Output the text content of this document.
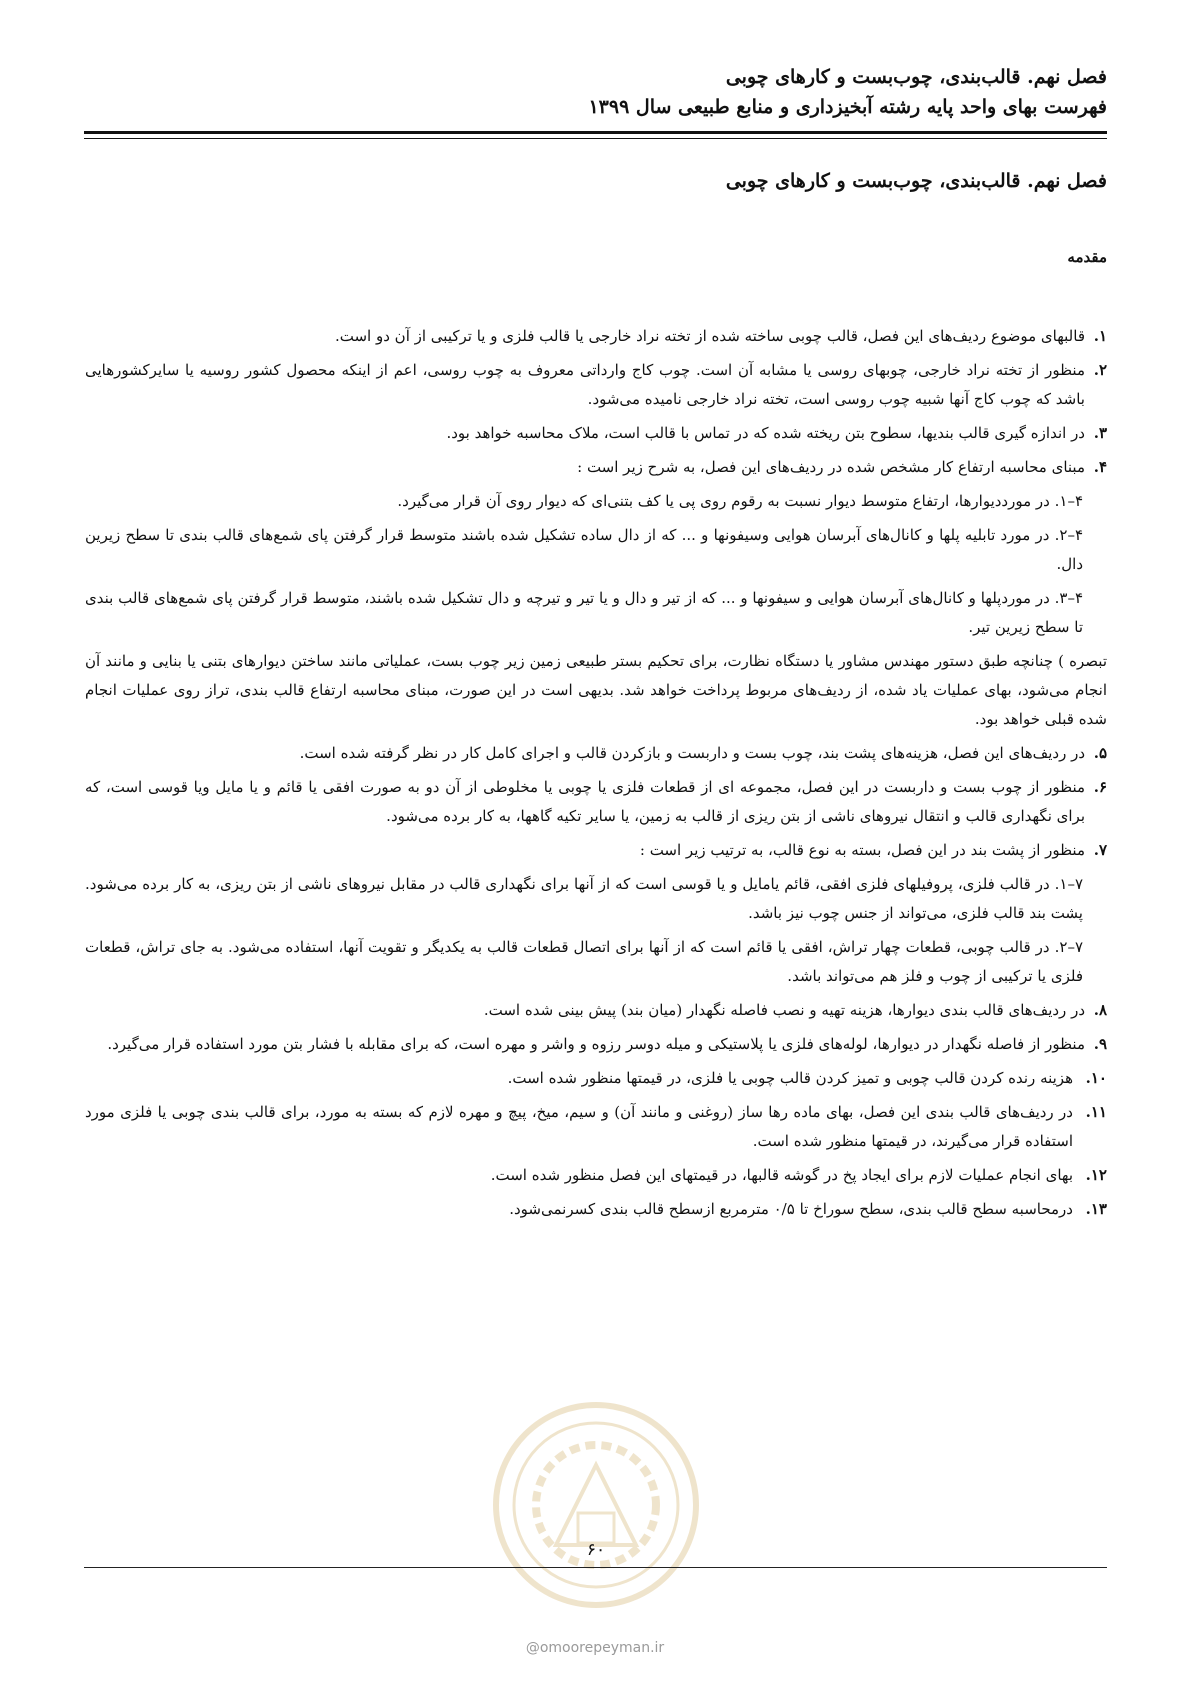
فصل نهم. قالب‌بندی، چوب‌بست و کارهای چوبی
فهرست بهای واحد پایه رشته آبخیزداری و منابع طبیعی سال ۱۳۹۹
فصل نهم. قالب‌بندی، چوب‌بست و کارهای چوبی
مقدمه
۱.
قالبهای موضوع ردیف‌های این فصل، قالب چوبی ساخته شده از تخته نراد خارجی یا قالب فلزی و یا ترکیبی از آن دو است.
۲.
منظور از تخته نراد خارجی، چوبهای روسی یا مشابه آن است. چوب کاج وارداتی معروف به چوب روسی، اعم از اینکه محصول کشور روسیه یا سایرکشورهایی باشد که چوب کاج آنها شبیه چوب روسی است، تخته نراد خارجی نامیده می‌شود.
۳.
در اندازه گیری قالب بندیها، سطوح بتن ریخته شده که در تماس با قالب است، ملاک محاسبه خواهد بود.
۴.
مبنای محاسبه ارتفاع کار مشخص شده در ردیف‌های این فصل، به شرح زیر است :
۴–۱. در مورددیوارها، ارتفاع متوسط دیوار نسبت به رقوم روی پی یا کف بتنی‌ای که دیوار روی آن قرار می‌گیرد.
۴–۲. در مورد تابلیه پلها و کانال‌های آبرسان هوایی وسیفونها و ... که از دال ساده تشکیل شده باشند متوسط قرار گرفتن پای شمع‌های قالب بندی تا سطح زیرین دال.
۴–۳. در موردپلها و کانال‌های آبرسان هوایی و سیفونها و ... که از تیر و دال و یا تیر و تیرچه و دال تشکیل شده باشند، متوسط قرار گرفتن پای شمع‌های قالب بندی تا سطح زیرین تیر.
تبصره ) چنانچه طبق دستور مهندس مشاور یا دستگاه نظارت، برای تحکیم بستر طبیعی زمین زیر چوب بست، عملیاتی مانند ساختن دیوارهای بتنی یا بنایی و مانند آن انجام می‌شود، بهای عملیات یاد شده، از ردیف‌های مربوط پرداخت خواهد شد. بدیهی است در این صورت، مبنای محاسبه ارتفاع قالب بندی، تراز روی عملیات انجام شده قبلی خواهد بود.
۵.
در ردیف‌های این فصل، هزینه‌های پشت بند، چوب بست و داربست و بازکردن قالب و اجرای کامل کار در نظر گرفته شده است.
۶.
منظور از چوب بست و داربست در این فصل، مجموعه ای از قطعات فلزی یا چوبی یا مخلوطی از آن دو به صورت افقی یا قائم و یا مایل ویا قوسی است، که برای نگهداری قالب و انتقال نیروهای ناشی از بتن ریزی از قالب به زمین، یا سایر تکیه گاهها، به کار برده می‌شود.
۷.
منظور از پشت بند در این فصل، بسته به نوع قالب، به ترتیب زیر است :
۷–۱. در قالب فلزی، پروفیلهای فلزی افقی، قائم یامایل و یا قوسی است که از آنها برای نگهداری قالب در مقابل نیروهای ناشی از بتن ریزی، به کار برده می‌شود. پشت بند قالب فلزی، می‌تواند از جنس چوب نیز باشد.
۷–۲. در قالب چوبی، قطعات چهار تراش، افقی یا قائم است که از آنها برای اتصال قطعات قالب به یکدیگر و تقویت آنها، استفاده می‌شود. به جای تراش، قطعات فلزی یا ترکیبی از چوب و فلز هم می‌تواند باشد.
۸.
در ردیف‌های قالب بندی دیوارها، هزینه تهیه و نصب فاصله نگهدار (میان بند) پیش بینی شده است.
۹.
منظور از فاصله نگهدار در دیوارها، لوله‌های فلزی یا پلاستیکی و میله دوسر رزوه و واشر و مهره است، که برای مقابله با فشار بتن مورد استفاده قرار می‌گیرد.
۱۰.
هزینه رنده کردن قالب چوبی و تمیز کردن قالب چوبی یا فلزی، در قیمتها منظور شده است.
۱۱.
در ردیف‌های قالب بندی این فصل، بهای ماده رها ساز (روغنی و مانند آن) و سیم، میخ، پیچ و مهره لازم که بسته به مورد، برای قالب بندی چوبی یا فلزی مورد استفاده قرار می‌گیرند، در قیمتها منظور شده است.
۱۲.
بهای انجام عملیات لازم برای ایجاد پخ در گوشه قالبها، در قیمتهای این فصل منظور شده است.
۱۳.
درمحاسبه سطح قالب بندی، سطح سوراخ تا ۰/۵ مترمربع ازسطح قالب بندی کسرنمی‌شود.
۶۰
@omoorepeyman.ir
